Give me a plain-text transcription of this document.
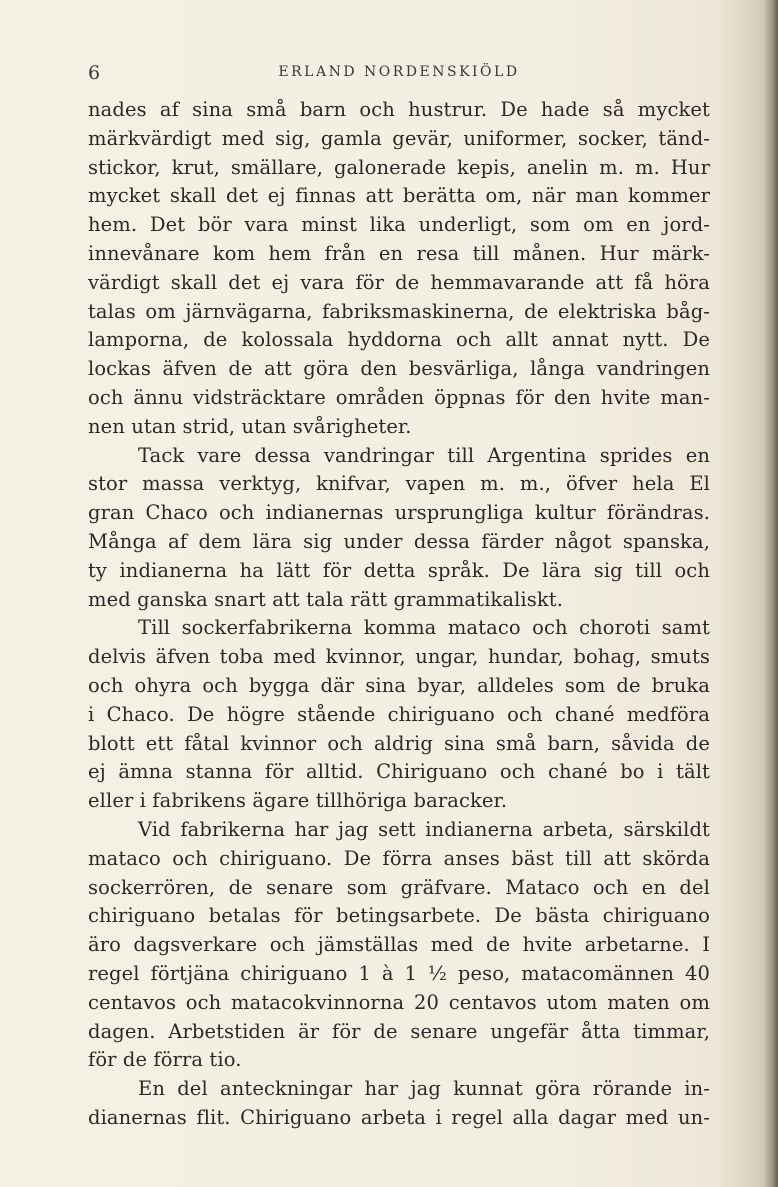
6	ERLAND NORDENSKIÖLD
nades af sina små barn och hustrur. De hade så mycket
märkvärdigt med sig, gamla gevär, uniformer, socker, tänd-
stickor, krut, smällare, galonerade kepis, anelin m. m. Hur
mycket skall det ej finnas att berätta om, när man kommer
hem. Det bör vara minst lika underligt, som om en jord-
innevånare kom hem från en resa till månen. Hur märk-
värdigt skall det ej vara för de hemmavarande att få höra
talas om järnvägarna, fabriksmaskinerna, de elektriska båg-
lamporna, de kolossala hyddorna och allt annat nytt. De
lockas äfven de att göra den besvärliga, långa vandringen
och ännu vidsträcktare områden öppnas för den hvite man-
nen utan strid, utan svårigheter.
Tack vare dessa vandringar till Argentina sprides en
stor massa verktyg, knifvar, vapen m. m., öfver hela El
gran Chaco och indianernas ursprungliga kultur förändras.
Många af dem lära sig under dessa färder något spanska,
ty indianerna ha lätt för detta språk. De lära sig till och
med ganska snart att tala rätt grammatikaliskt.
Till sockerfabrikerna komma mataco och choroti samt
delvis äfven toba med kvinnor, ungar, hundar, bohag, smuts
och ohyra och bygga där sina byar, alldeles som de bruka
i Chaco. De högre stående chiriguano och chané medföra
blott ett fåtal kvinnor och aldrig sina små barn, såvida de
ej ämna stanna för alltid. Chiriguano och chané bo i tält
eller i fabrikens ägare tillhöriga baracker.
Vid fabrikerna har jag sett indianerna arbeta, särskildt
mataco och chiriguano. De förra anses bäst till att skörda
sockerrören, de senare som gräfvare. Mataco och en del
chiriguano betalas för betingsarbete. De bästa chiriguano
äro dagsverkare och jämställas med de hvite arbetarne. I
regel förtjäna chiriguano 1 à 1 ½ peso, matacomännen 40
centavos och matacokvinnorna 20 centavos utom maten om
dagen. Arbetstiden är för de senare ungefär åtta timmar,
för de förra tio.
En del anteckningar har jag kunnat göra rörande in-
dianernas flit. Chiriguano arbeta i regel alla dagar med un-
